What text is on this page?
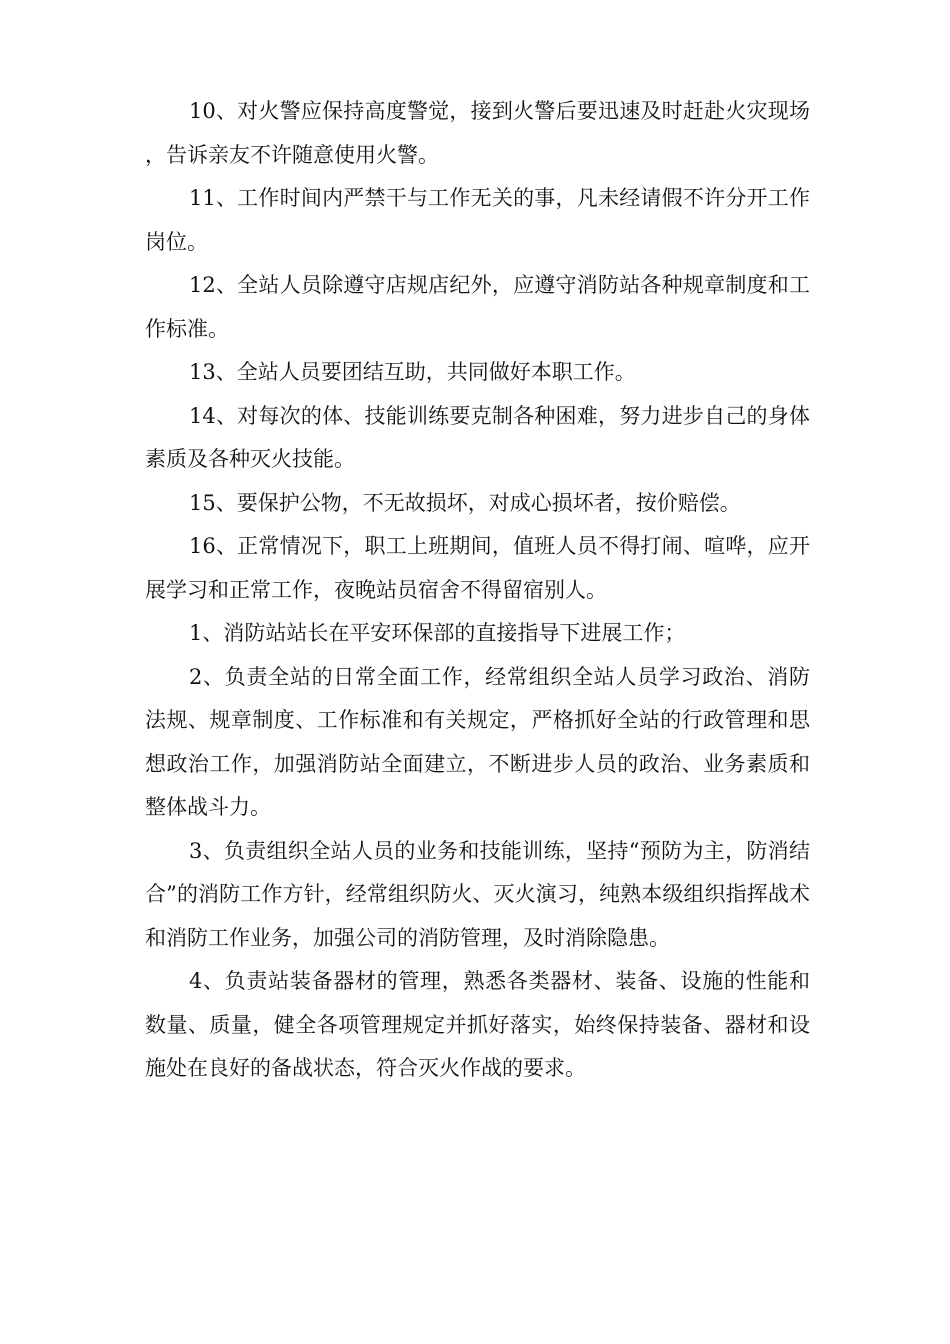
10、对火警应保持高度警觉，接到火警后要迅速及时赶赴火灾现场，告诉亲友不许随意使用火警。

11、工作时间内严禁干与工作无关的事，凡未经请假不许分开工作岗位。

12、全站人员除遵守店规店纪外，应遵守消防站各种规章制度和工作标准。

13、全站人员要团结互助，共同做好本职工作。

14、对每次的体、技能训练要克制各种困难，努力进步自己的身体素质及各种灭火技能。

15、要保护公物，不无故损坏，对成心损坏者，按价赔偿。

16、正常情况下，职工上班期间，值班人员不得打闹、喧哗，应开展学习和正常工作，夜晚站员宿舍不得留宿别人。

1、消防站站长在平安环保部的直接指导下进展工作；

2、负责全站的日常全面工作，经常组织全站人员学习政治、消防法规、规章制度、工作标准和有关规定，严格抓好全站的行政管理和思想政治工作，加强消防站全面建立，不断进步人员的政治、业务素质和整体战斗力。

3、负责组织全站人员的业务和技能训练，坚持“预防为主，防消结合”的消防工作方针，经常组织防火、灭火演习，纯熟本级组织指挥战术和消防工作业务，加强公司的消防管理，及时消除隐患。

4、负责站装备器材的管理，熟悉各类器材、装备、设施的性能和数量、质量，健全各项管理规定并抓好落实，始终保持装备、器材和设施处在良好的备战状态，符合灭火作战的要求。
